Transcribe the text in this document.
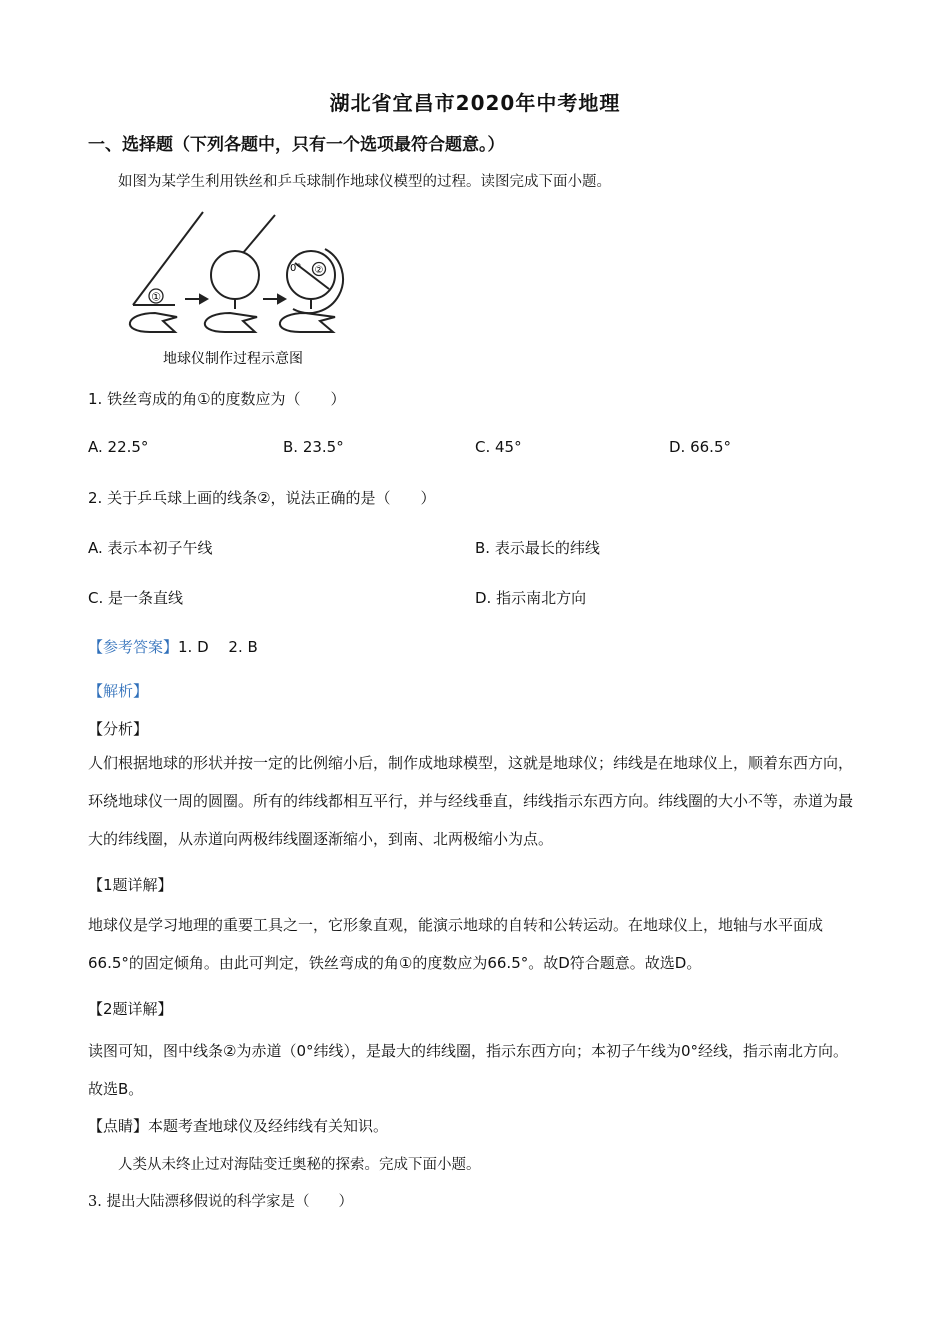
湖北省宜昌市2020年中考地理
一、选择题（下列各题中，只有一个选项最符合题意。）
如图为某学生利用铁丝和乒乓球制作地球仪模型的过程。读图完成下面小题。
①
0° ②
地球仪制作过程示意图
1. 铁丝弯成的角①的度数应为（　　）
A. 22.5°	B. 23.5°	C. 45°	D. 66.5°
2. 关于乒乓球上画的线条②，说法正确的是（　　）
A. 表示本初子午线	B. 表示最长的纬线
C. 是一条直线	D. 指示南北方向
【参考答案】1. D　 2. B
【解析】
【分析】
人们根据地球的形状并按一定的比例缩小后，制作成地球模型，这就是地球仪；纬线是在地球仪上，顺着东西方向，环绕地球仪一周的圆圈。所有的纬线都相互平行，并与经线垂直，纬线指示东西方向。纬线圈的大小不等，赤道为最大的纬线圈，从赤道向两极纬线圈逐渐缩小，到南、北两极缩小为点。
【1题详解】
地球仪是学习地理的重要工具之一，它形象直观，能演示地球的自转和公转运动。在地球仪上，地轴与水平面成66.5°的固定倾角。由此可判定，铁丝弯成的角①的度数应为66.5°。故D符合题意。故选D。
【2题详解】
读图可知，图中线条②为赤道（0°纬线），是最大的纬线圈，指示东西方向；本初子午线为0°经线，指示南北方向。故选B。
【点睛】本题考查地球仪及经纬线有关知识。
人类从未终止过对海陆变迁奥秘的探索。完成下面小题。
3. 提出大陆漂移假说的科学家是（　　）
